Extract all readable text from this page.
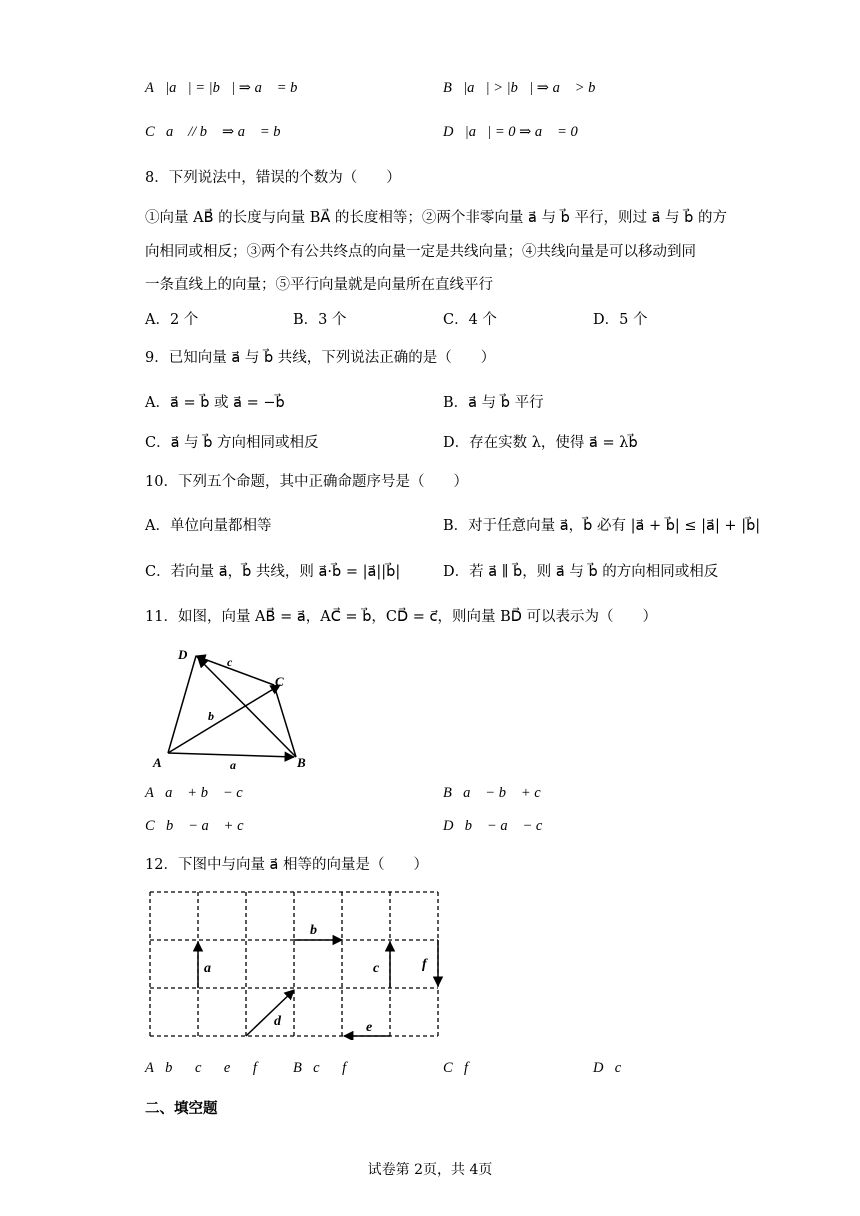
A．|a⃗| = |b⃗| ⇒ a⃗ = b⃗	B．|a⃗| > |b⃗| ⇒ a⃗ > b⃗
C．a⃗ // b⃗ ⇒ a⃗ = b⃗	D．|a⃗| = 0 ⇒ a⃗ = 0⃗
8．下列说法中，错误的个数为（　　）
①向量 AB⃗ 的长度与向量 BA⃗ 的长度相等；②两个非零向量 a⃗ 与 b⃗ 平行，则过 a⃗ 与 b⃗ 的方
向相同或相反；③两个有公共终点的向量一定是共线向量；④共线向量是可以移动到同
一条直线上的向量；⑤平行向量就是向量所在直线平行
A．2 个	B．3 个	C．4 个	D．5 个
9．已知向量 a⃗ 与 b⃗ 共线，下列说法正确的是（　　）
A．a⃗ = b⃗ 或 a⃗ = −b⃗	B．a⃗ 与 b⃗ 平行
C．a⃗ 与 b⃗ 方向相同或相反	D．存在实数 λ，使得 a⃗ = λb⃗
10．下列五个命题，其中正确命题序号是（　　）
A．单位向量都相等	B．对于任意向量 a⃗，b⃗ 必有 |a⃗ + b⃗| ≤ |a⃗| + |b⃗|
C．若向量 a⃗，b⃗ 共线，则 a⃗·b⃗ = |a⃗||b⃗|	D．若 a⃗ ∥ b⃗，则 a⃗ 与 b⃗ 的方向相同或相反
11．如图，向量 AB⃗ = a⃗，AC⃗ = b⃗，CD⃗ = c⃗，则向量 BD⃗ 可以表示为（　　）
D	c
C
b
A	a	B
A．a⃗ + b⃗ − c⃗	B．a⃗ − b⃗ + c⃗
C．b⃗ − a⃗ + c⃗	D．b⃗ − a⃗ − c⃗
12．下图中与向量 a⃗ 相等的向量是（　　）
a
b
c	f
d	e
A．b⃗，c⃗，e⃗，f⃗ B．c⃗，f⃗	C．f⃗	D．c⃗
二、填空题
试卷第 2页，共 4页
